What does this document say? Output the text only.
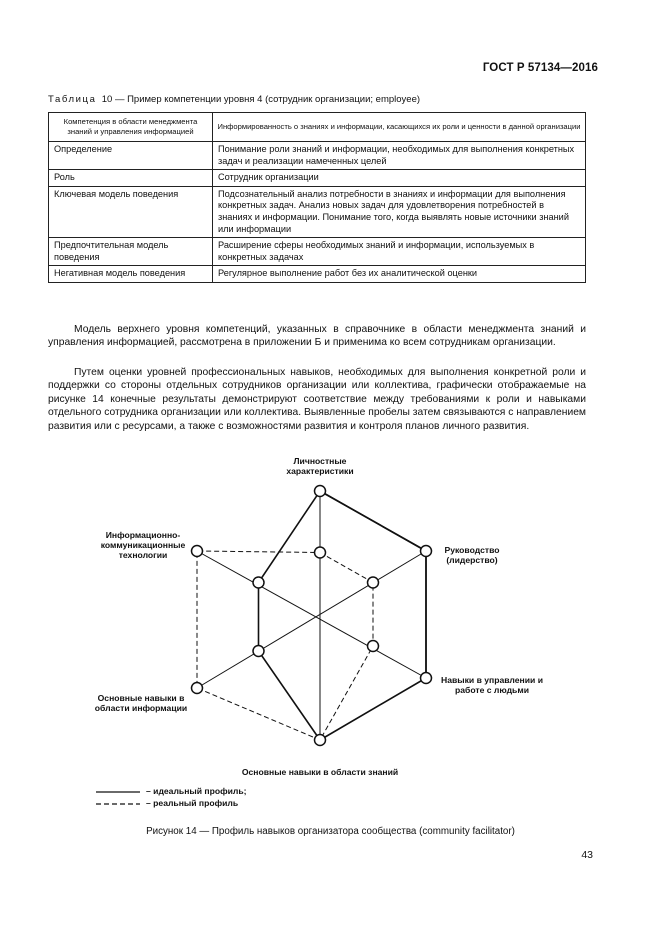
ГОСТ Р 57134—2016
Таблица 10 — Пример компетенции уровня 4 (сотрудник организации; employee)
Компетенция в области менеджмента знаний и управления информацией	Информированность о знаниях и информации, касающихся их роли и ценности в данной организации
Определение	Понимание роли знаний и информации, необходимых для выполнения конкретных задач и реализации намеченных целей
Роль	Сотрудник организации
Ключевая модель поведения	Подсознательный анализ потребности в знаниях и информации для выполнения конкретных задач. Анализ новых задач для удовлетворения потребностей в знаниях и информации. Понимание того, когда выявлять новые источники знаний или информации
Предпочтительная модель поведения	Расширение сферы необходимых знаний и информации, используемых в конкретных задачах
Негативная модель поведения	Регулярное выполнение работ без их аналитической оценки

Модель верхнего уровня компетенций, указанных в справочнике в области менеджмента знаний и управления информацией, рассмотрена в приложении Б и применима ко всем сотрудникам организации.

Путем оценки уровней профессиональных навыков, необходимых для выполнения конкретной роли и поддержки со стороны отдельных сотрудников организации или коллектива, графически отображаемые на рисунке 14 конечные результаты демонстрируют соответствие между требованиями к роли и навыками отдельного сотрудника организации или коллектива. Выявленные пробелы затем связываются с направлением развития или с ресурсами, а также с возможностями развития и контроля планов личного развития.

Личностные характеристики
Руководство (лидерство)
Навыки в управлении и работе с людьми
Основные навыки в области знаний
Основные навыки в области информации
Информационно-коммуникационные технологии
– идеальный профиль;
– реальный профиль
Рисунок 14 — Профиль навыков организатора сообщества (community facilitator)
43
